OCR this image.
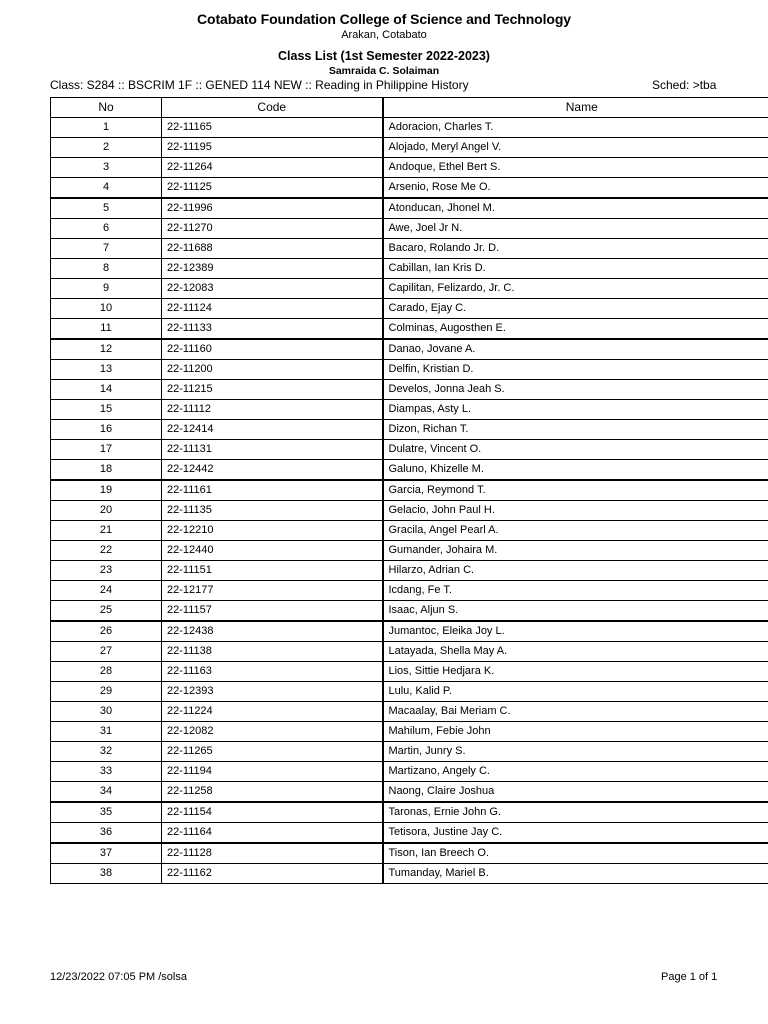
Cotabato Foundation College of Science and Technology
Arakan, Cotabato
Class List (1st Semester 2022-2023)
Samraida C. Solaiman
Class: S284 :: BSCRIM 1F :: GENED 114 NEW :: Reading in Philippine History	Sched: >tba
No	Code	Name
1	22-11165	Adoracion, Charles T.
2	22-11195	Alojado, Meryl Angel V.
3	22-11264	Andoque, Ethel Bert S.
4	22-11125	Arsenio, Rose Me O.
5	22-11996	Atonducan, Jhonel M.
6	22-11270	Awe, Joel Jr N.
7	22-11688	Bacaro, Rolando Jr. D.
8	22-12389	Cabillan, Ian Kris D.
9	22-12083	Capilitan, Felizardo, Jr. C.
10	22-11124	Carado, Ejay C.
11	22-11133	Colminas, Augosthen E.
12	22-11160	Danao, Jovane A.
13	22-11200	Delfin, Kristian D.
14	22-11215	Develos, Jonna Jeah S.
15	22-11112	Diampas, Asty L.
16	22-12414	Dizon, Richan T.
17	22-11131	Dulatre, Vincent O.
18	22-12442	Galuno, Khizelle M.
19	22-11161	Garcia, Reymond T.
20	22-11135	Gelacio, John Paul H.
21	22-12210	Gracila, Angel Pearl A.
22	22-12440	Gumander, Johaira M.
23	22-11151	Hilarzo, Adrian C.
24	22-12177	Icdang, Fe T.
25	22-11157	Isaac, Aljun S.
26	22-12438	Jumantoc, Eleika Joy L.
27	22-11138	Latayada, Shella May A.
28	22-11163	Lios, Sittie Hedjara K.
29	22-12393	Lulu, Kalid P.
30	22-11224	Macaalay, Bai Meriam C.
31	22-12082	Mahilum, Febie John
32	22-11265	Martin, Junry S.
33	22-11194	Martizano, Angely C.
34	22-11258	Naong, Claire Joshua
35	22-11154	Taronas, Ernie John G.
36	22-11164	Tetisora, Justine Jay C.
37	22-11128	Tison, Ian Breech O.
38	22-11162	Tumanday, Mariel B.
12/23/2022 07:05 PM /solsa	Page 1 of 1
